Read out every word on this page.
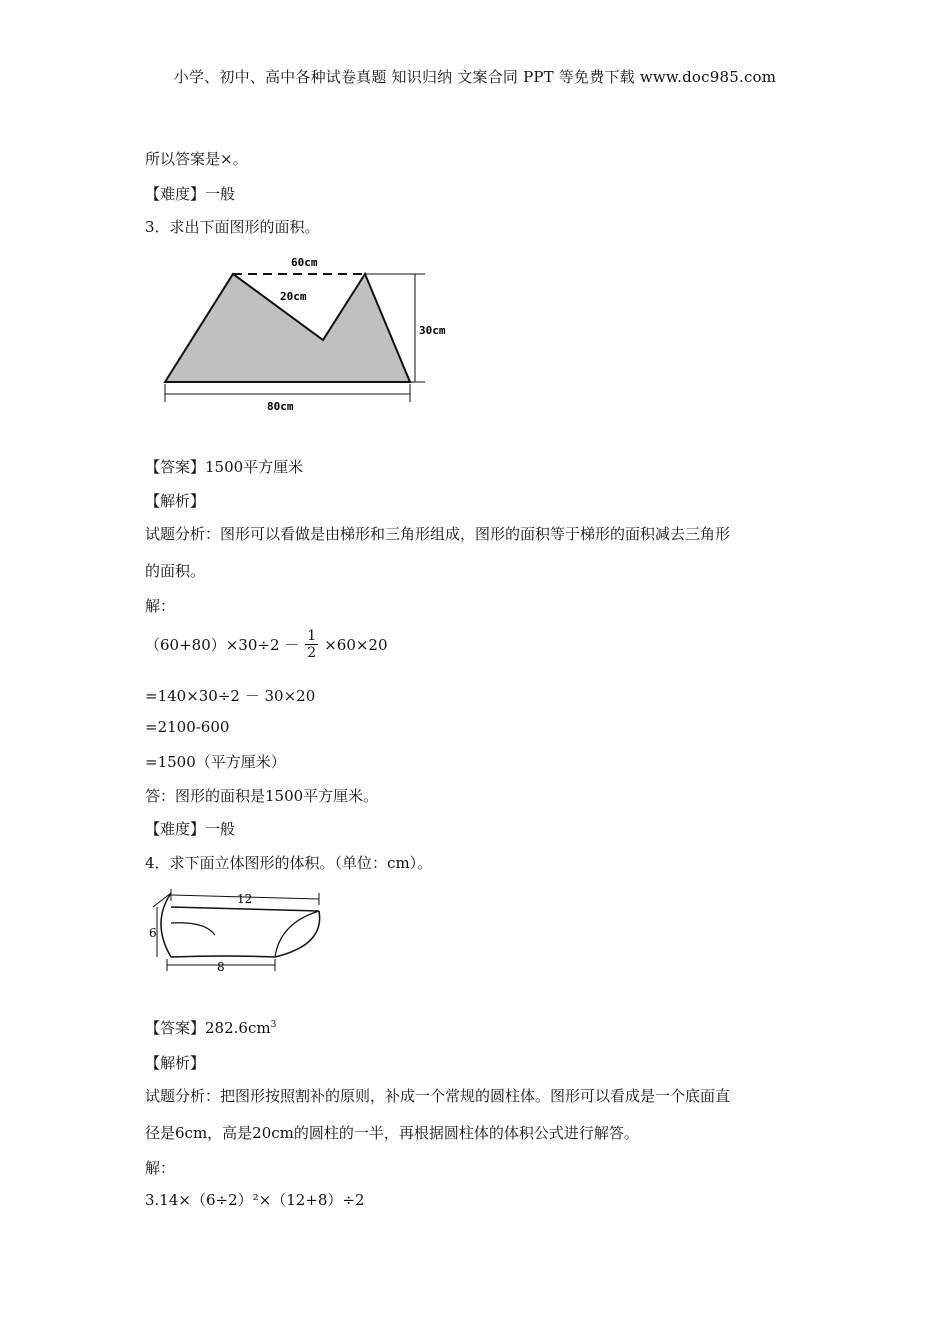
小学、初中、高中各种试卷真题 知识归纳 文案合同 PPT 等免费下载 www.doc985.com
所以答案是×。
【难度】一般
3．求出下面图形的面积。
60cm
20cm
30cm
80cm
【答案】1500平方厘米
【解析】
试题分析：图形可以看做是由梯形和三角形组成，图形的面积等于梯形的面积减去三角形
的面积。
解：
$(60+80)\times 30\div 2 - \frac{1}{2} \times 60\times 20$
=140×30÷2 － 30×20
=2100-600
=1500（平方厘米）
答：图形的面积是1500平方厘米。
【难度】一般
4．求下面立体图形的体积。（单位：cm）。
12
6
8
【答案】$282.6cm^3$
【解析】
试题分析：把图形按照割补的原则，补成一个常规的圆柱体。图形可以看成是一个底面直
径是6cm，高是20cm的圆柱的一半，再根据圆柱体的体积公式进行解答。
解：
3.14×（6÷2）²×（12+8）÷2
